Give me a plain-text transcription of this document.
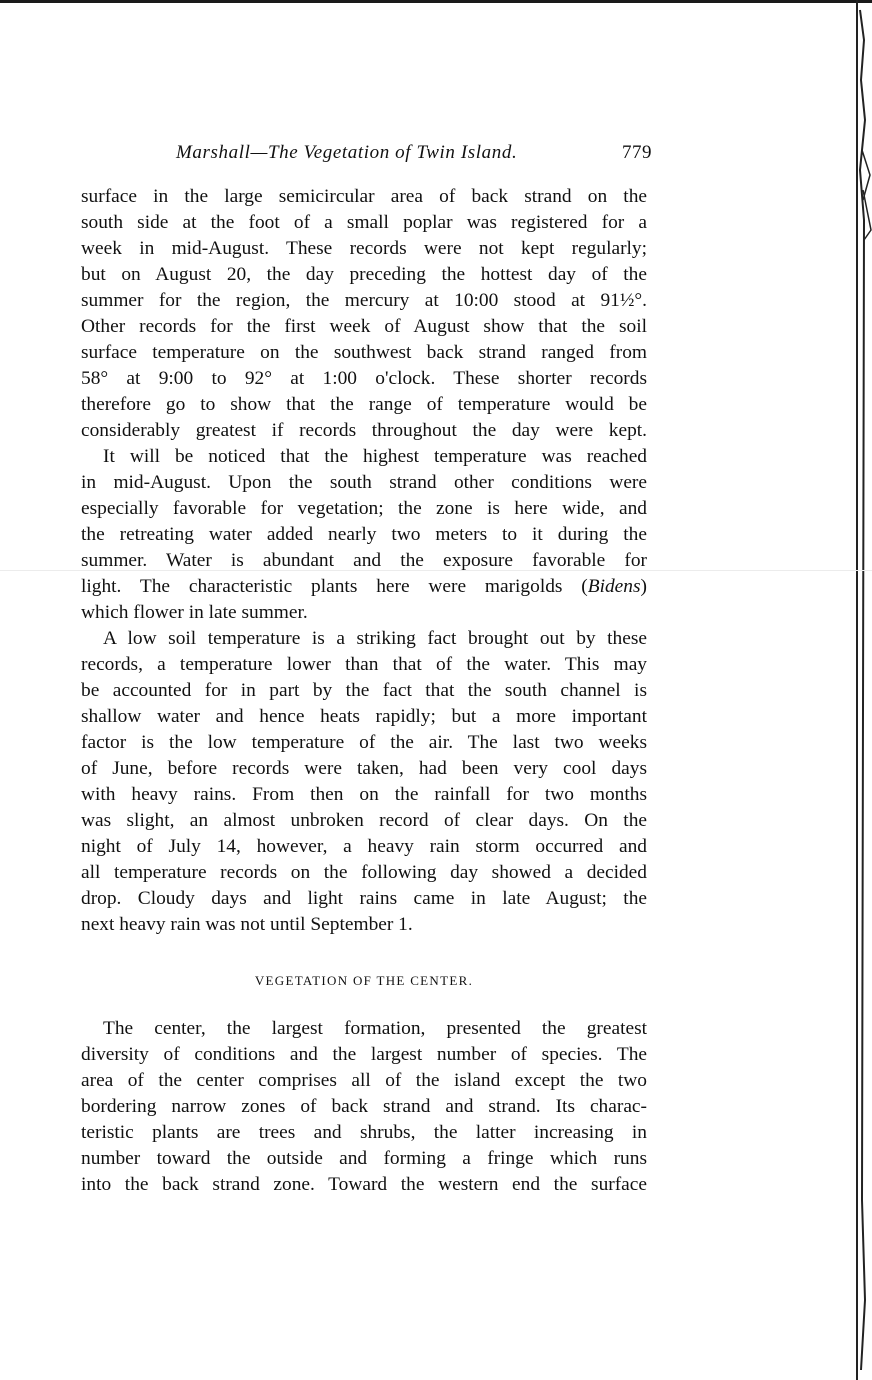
Marshall—The Vegetation of Twin Island.	779
surface in the large semicircular area of back strand on the
south side at the foot of a small poplar was registered for a
week in mid-August. These records were not kept regularly;
but on August 20, the day preceding the hottest day of the
summer for the region, the mercury at 10:00 stood at 91½°.
Other records for the first week of August show that the soil
surface temperature on the southwest back strand ranged from
58° at 9:00 to 92° at 1:00 o'clock. These shorter records
therefore go to show that the range of temperature would be
considerably greatest if records throughout the day were kept.
It will be noticed that the highest temperature was reached
in mid-August. Upon the south strand other conditions were
especially favorable for vegetation; the zone is here wide, and
the retreating water added nearly two meters to it during the
summer. Water is abundant and the exposure favorable for
light. The characteristic plants here were marigolds (Bidens)
which flower in late summer.
A low soil temperature is a striking fact brought out by these
records, a temperature lower than that of the water. This may
be accounted for in part by the fact that the south channel is
shallow water and hence heats rapidly; but a more important
factor is the low temperature of the air. The last two weeks
of June, before records were taken, had been very cool days
with heavy rains. From then on the rainfall for two months
was slight, an almost unbroken record of clear days. On the
night of July 14, however, a heavy rain storm occurred and
all temperature records on the following day showed a decided
drop. Cloudy days and light rains came in late August; the
next heavy rain was not until September 1.
VEGETATION OF THE CENTER.
The center, the largest formation, presented the greatest
diversity of conditions and the largest number of species. The
area of the center comprises all of the island except the two
bordering narrow zones of back strand and strand. Its charac-
teristic plants are trees and shrubs, the latter increasing in
number toward the outside and forming a fringe which runs
into the back strand zone. Toward the western end the surface
